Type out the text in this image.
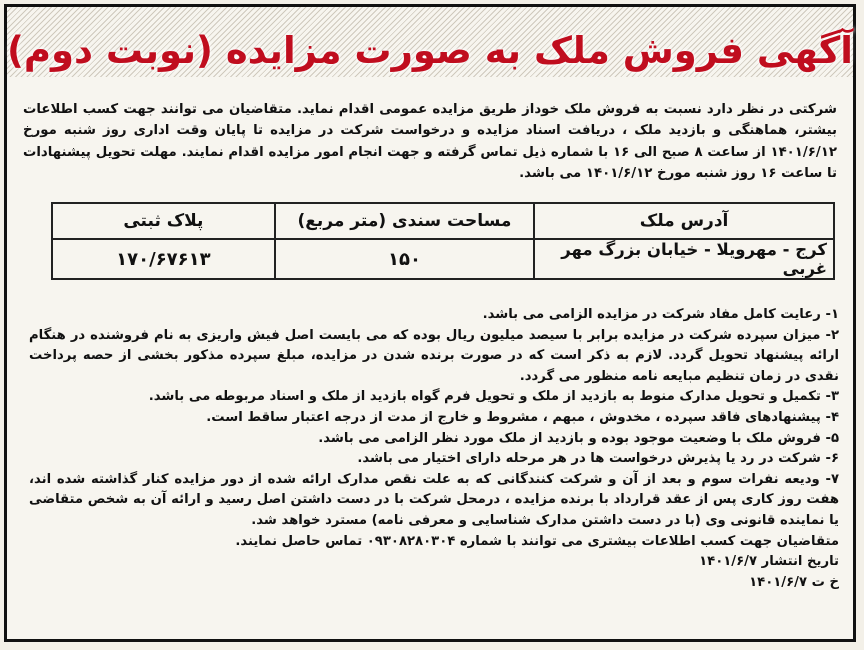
آگهی فروش ملک به صورت مزایده (نوبت دوم)
شرکتی در نظر دارد نسبت به فروش ملک خوداز طریق مزایده عمومی اقدام نماید. متقاضیان می توانند جهت کسب اطلاعات بیشتر، هماهنگی و بازدید ملک ، دریافت اسناد مزایده و درخواست شرکت در مزایده تا پایان وقت اداری روز شنبه مورخ ۱۴۰۱/۶/۱۲ از ساعت ۸ صبح الی ۱۶ با شماره ذیل تماس گرفته و جهت انجام امور مزایده اقدام نمایند. مهلت تحویل پیشنهادات تا ساعت ۱۶ روز شنبه مورخ ۱۴۰۱/۶/۱۲ می باشد.
آدرس ملک	مساحت سندی (متر مربع)	پلاک ثبتی
کرج - مهرویلا - خیابان بزرگ مهر غربی	۱۵۰	۱۷۰/۶۷۶۱۳

۱- رعایت کامل مفاد شرکت در مزایده الزامی می باشد.

۲- میزان سپرده شرکت در مزایده برابر با سیصد میلیون ریال بوده که می بایست اصل فیش واریزی به نام فروشنده در هنگام ارائه پیشنهاد تحویل گردد. لازم به ذکر است که در صورت برنده شدن در مزایده، مبلغ سپرده مذکور بخشی از حصه پرداخت نقدی در زمان تنظیم مبایعه نامه منظور می گردد.

۳- تکمیل و تحویل مدارک منوط به بازدید از ملک و تحویل فرم گواه بازدید از ملک و اسناد مربوطه می باشد.

۴- پیشنهادهای فاقد سپرده ، مخدوش ، مبهم ، مشروط و خارج از مدت از درجه اعتبار ساقط است.

۵- فروش ملک با وضعیت موجود بوده و بازدید از ملک مورد نظر الزامی می باشد.

۶- شرکت در رد یا پذیرش درخواست ها در هر مرحله دارای اختیار می باشد.

۷- ودیعه نفرات سوم و بعد از آن و شرکت کنندگانی که به علت نقص مدارک ارائه شده از دور مزایده کنار گذاشته شده اند، هفت روز کاری پس از عقد قرارداد با برنده مزایده ، درمحل شرکت با در دست داشتن اصل رسید و ارائه آن به شخص متقاضی یا نماینده قانونی وی (با در دست داشتن مدارک شناسایی و معرفی نامه) مسترد خواهد شد.

متقاضیان جهت کسب اطلاعات بیشتری می توانند با شماره ۰۹۳۰۸۲۸۰۳۰۴ تماس حاصل نمایند.

تاریخ انتشار ۱۴۰۱/۶/۷

خ ت ۱۴۰۱/۶/۷
